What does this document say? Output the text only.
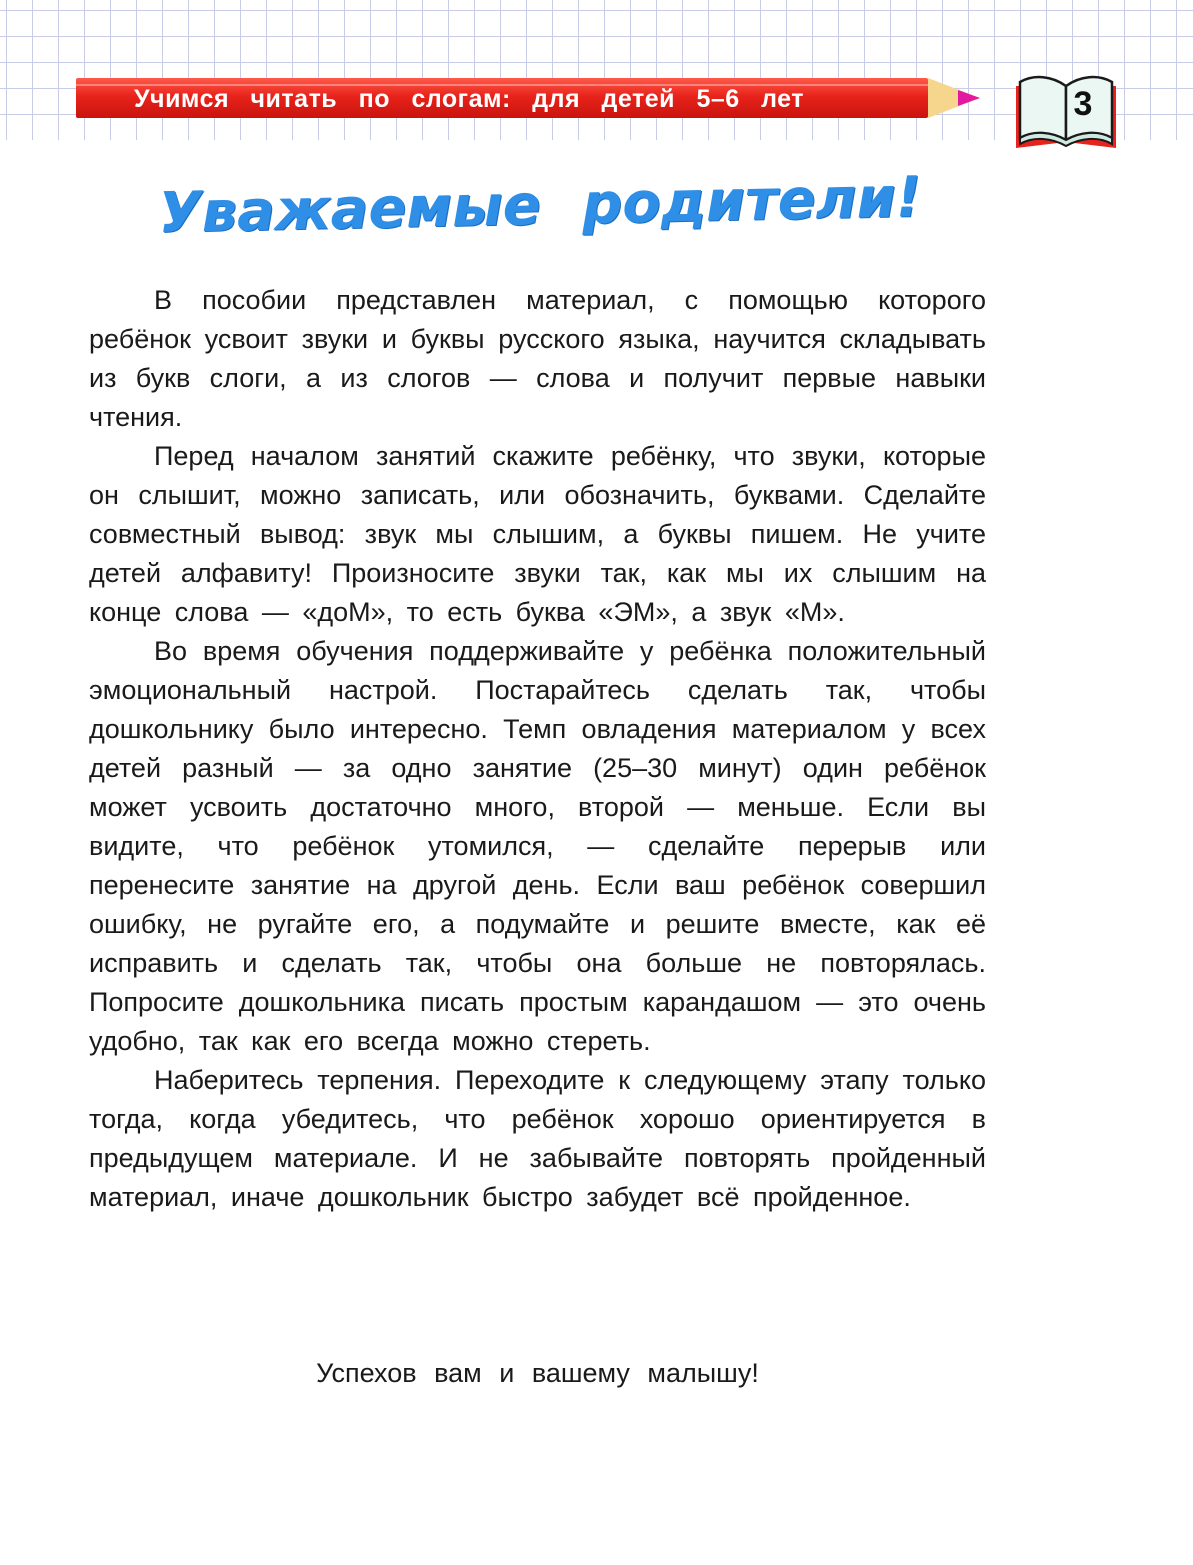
Учимся читать по слогам: для детей 5–6 лет	3
Уважаемые родители!

В пособии представлен материал, с помощью которого ребёнок усвоит звуки и буквы русского языка, научится складывать из букв слоги, а из слогов — слова и получит первые навыки чтения.

Перед началом занятий скажите ребёнку, что звуки, которые он слышит, можно записать, или обозначить, буквами. Сделайте совместный вывод: звук мы слышим, а буквы пишем. Не учите детей алфавиту! Произносите звуки так, как мы их слышим на конце слова — «доМ», то есть буква «ЭМ», а звук «М».

Во время обучения поддерживайте у ребёнка положительный эмоциональный настрой. Постарайтесь сделать так, чтобы дошкольнику было интересно. Темп овладения материалом у всех детей разный — за одно занятие (25–30 минут) один ребёнок может усвоить достаточно много, второй — меньше. Если вы видите, что ребёнок утомился, — сделайте перерыв или перенесите занятие на другой день. Если ваш ребёнок совершил ошибку, не ругайте его, а подумайте и решите вместе, как её исправить и сделать так, чтобы она больше не повторялась. Попросите дошкольника писать простым карандашом — это очень удобно, так как его всегда можно стереть.

Наберитесь терпения. Переходите к следующему этапу только тогда, когда убедитесь, что ребёнок хорошо ориентируется в предыдущем материале. И не забывайте повторять пройденный материал, иначе дошкольник быстро забудет всё пройденное.

Успехов вам и вашему малышу!
